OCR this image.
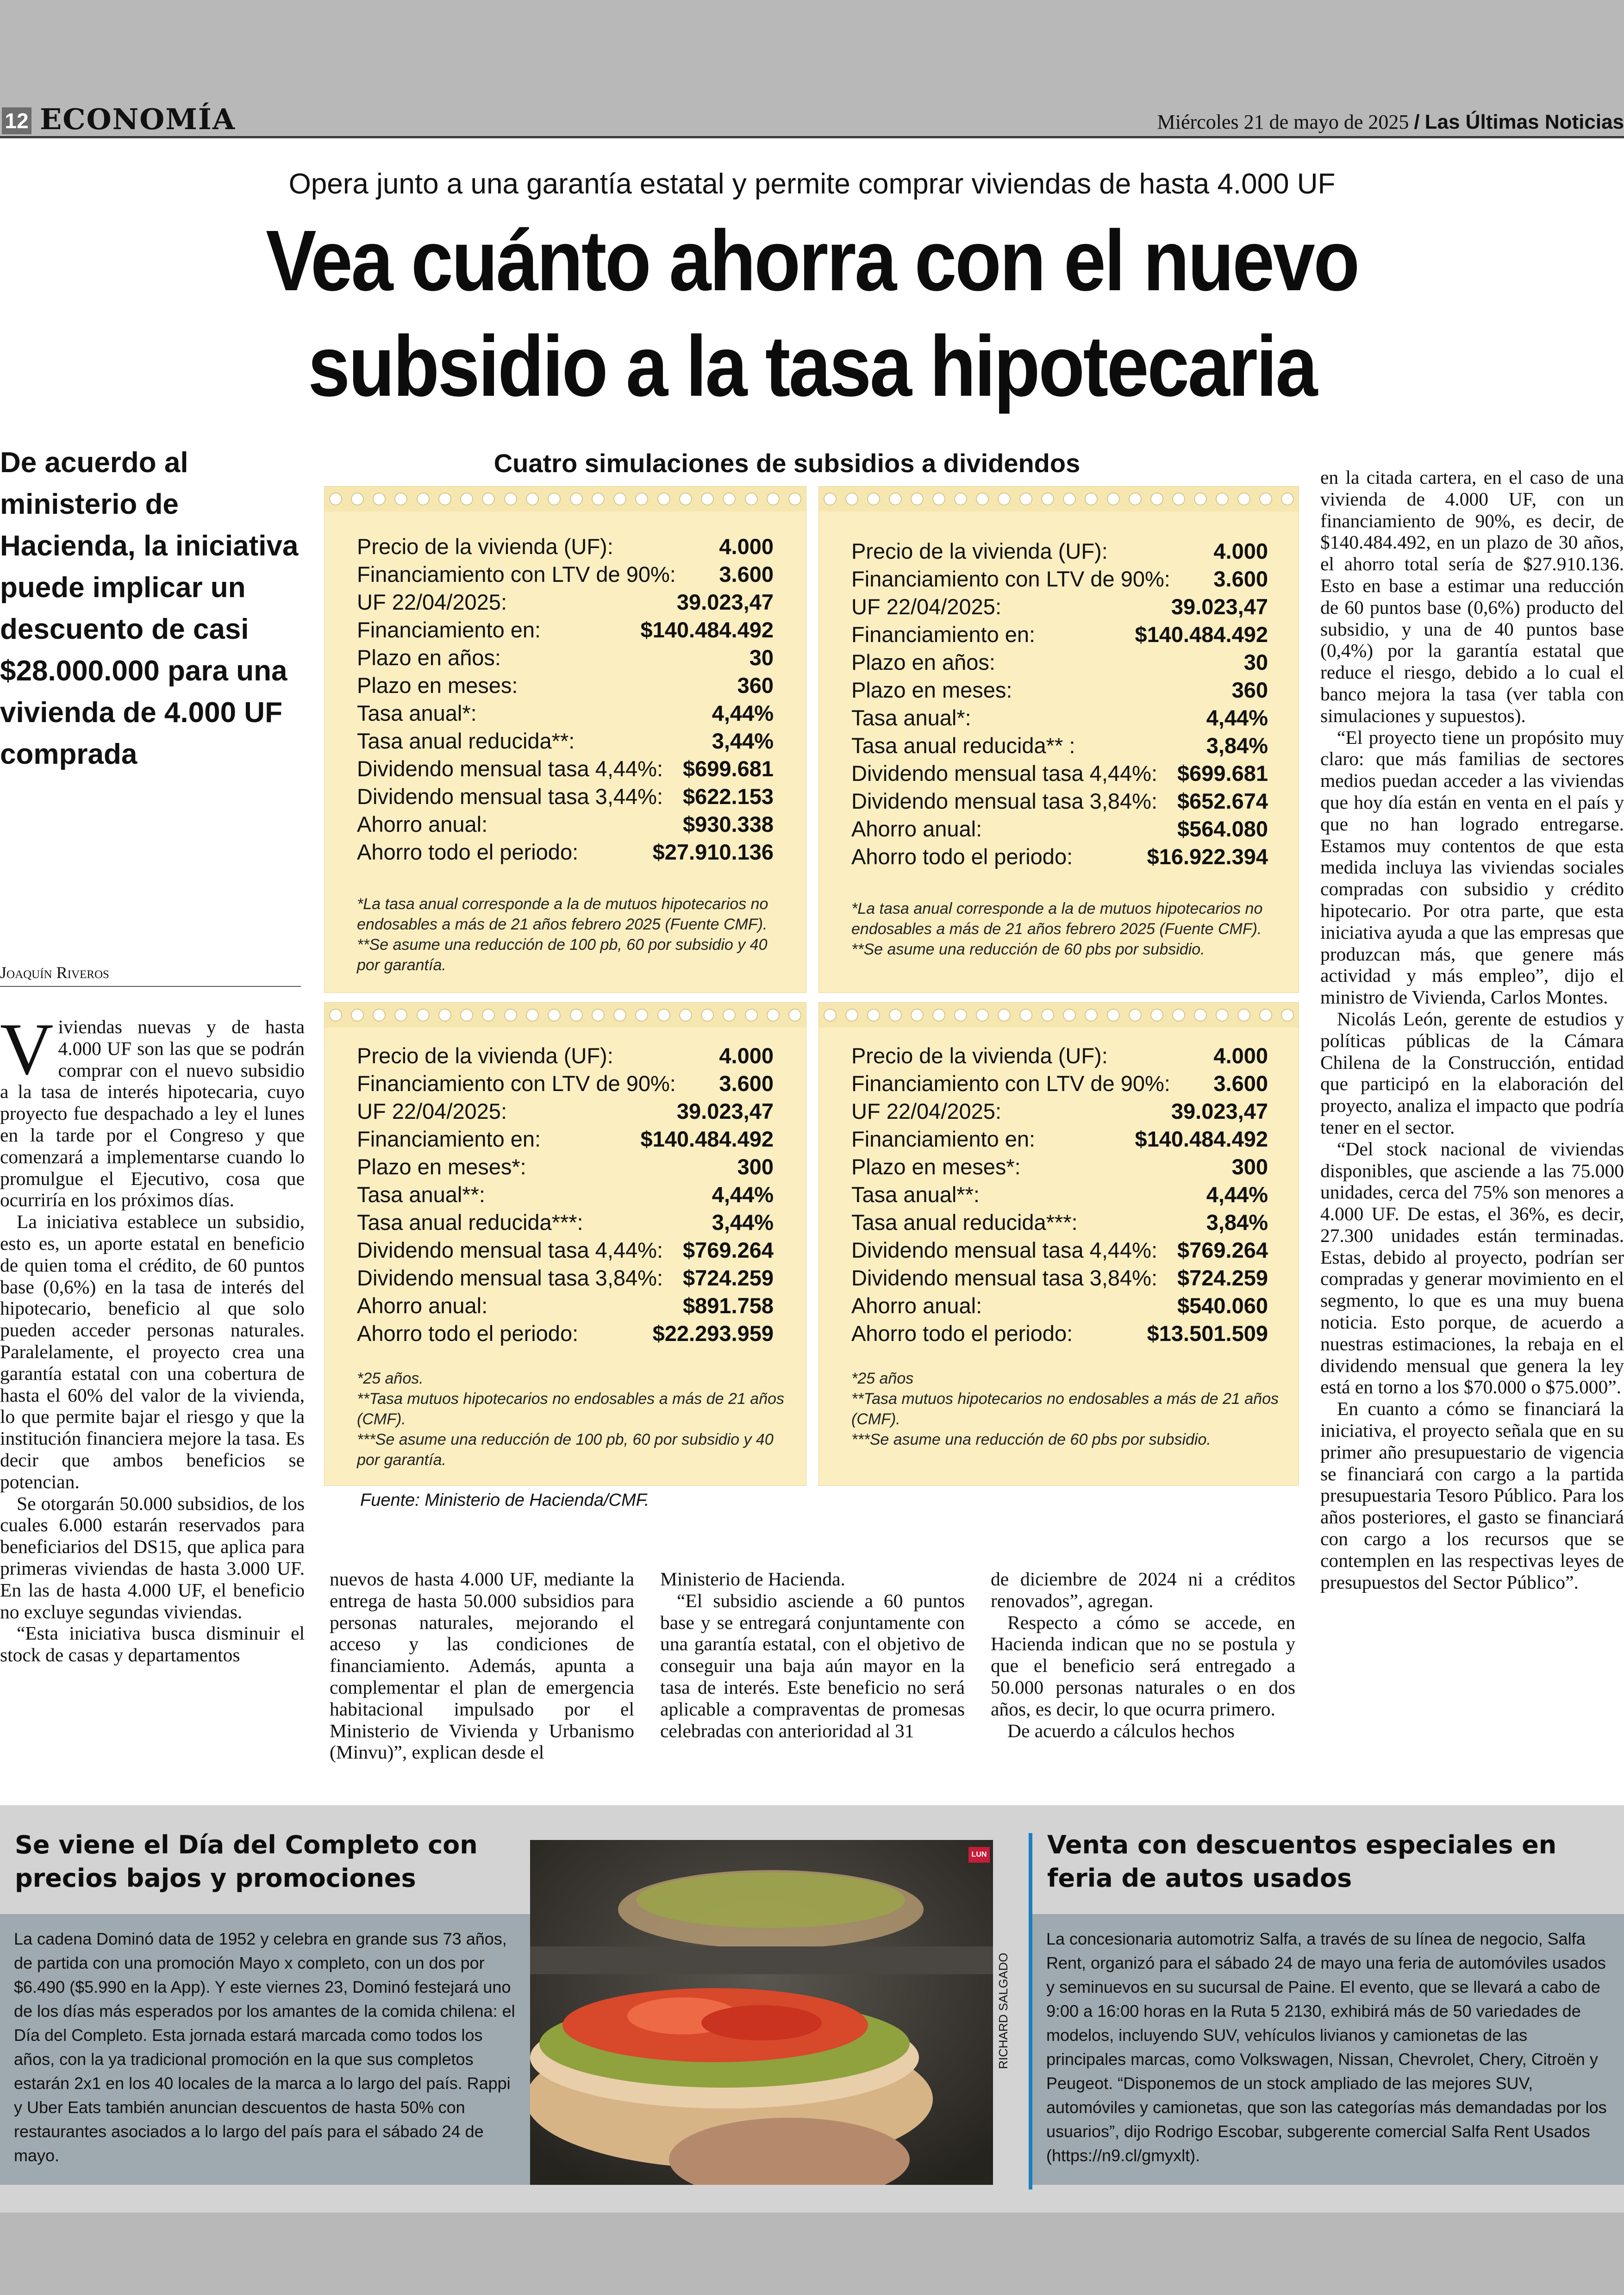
12 ECONOMÍA	Miércoles 21 de mayo de 2025 / Las Últimas Noticias
Opera junto a una garantía estatal y permite comprar viviendas de hasta 4.000 UF
Vea cuánto ahorra con el nuevo
subsidio a la tasa hipotecaria
De acuerdo al ministerio de Hacienda, la iniciativa puede implicar un descuento de casi $28.000.000 para una vivienda de 4.000 UF comprada
Joaquín Riveros

Viviendas nuevas y de hasta 4.000 UF son las que se podrán comprar con el nuevo subsidio a la tasa de interés hipotecaria, cuyo proyecto fue despachado a ley el lunes en la tarde por el Congreso y que comenzará a implementarse cuando lo promulgue el Ejecutivo, cosa que ocurriría en los próximos días.

La iniciativa establece un subsidio, esto es, un aporte estatal en beneficio de quien toma el crédito, de 60 puntos base (0,6%) en la tasa de interés del hipotecario, beneficio al que solo pueden acceder personas naturales. Paralelamente, el proyecto crea una garantía estatal con una cobertura de hasta el 60% del valor de la vivienda, lo que permite bajar el riesgo y que la institución financiera mejore la tasa. Es decir que ambos beneficios se potencian.

Se otorgarán 50.000 subsidios, de los cuales 6.000 estarán reservados para beneficiarios del DS15, que aplica para primeras viviendas de hasta 3.000 UF. En las de hasta 4.000 UF, el beneficio no excluye segundas viviendas.

“Esta iniciativa busca disminuir el stock de casas y departamentos

nuevos de hasta 4.000 UF, mediante la entrega de hasta 50.000 subsidios para personas naturales, mejorando el acceso y las condiciones de financiamiento. Además, apunta a complementar el plan de emergencia habitacional impulsado por el Ministerio de Vivienda y Urbanismo (Minvu)”, explican desde el

Ministerio de Hacienda.

“El subsidio asciende a 60 puntos base y se entregará conjuntamente con una garantía estatal, con el objetivo de conseguir una baja aún mayor en la tasa de interés. Este beneficio no será aplicable a compraventas de promesas celebradas con anterioridad al 31

de diciembre de 2024 ni a créditos renovados”, agregan.

Respecto a cómo se accede, en Hacienda indican que no se postula y que el beneficio será entregado a 50.000 personas naturales o en dos años, es decir, lo que ocurra primero.

De acuerdo a cálculos hechos

en la citada cartera, en el caso de una vivienda de 4.000 UF, con un financiamiento de 90%, es decir, de $140.484.492, en un plazo de 30 años, el ahorro total sería de $27.910.136. Esto en base a estimar una reducción de 60 puntos base (0,6%) producto del subsidio, y una de 40 puntos base (0,4%) por la garantía estatal que reduce el riesgo, debido a lo cual el banco mejora la tasa (ver tabla con simulaciones y supuestos).

“El proyecto tiene un propósito muy claro: que más familias de sectores medios puedan acceder a las viviendas que hoy día están en venta en el país y que no han logrado entregarse. Estamos muy contentos de que esta medida incluya las viviendas sociales compradas con subsidio y crédito hipotecario. Por otra parte, que esta iniciativa ayuda a que las empresas que produzcan más, que genere más actividad y más empleo”, dijo el ministro de Vivienda, Carlos Montes.

Nicolás León, gerente de estudios y políticas públicas de la Cámara Chilena de la Construcción, entidad que participó en la elaboración del proyecto, analiza el impacto que podría tener en el sector.

“Del stock nacional de viviendas disponibles, que asciende a las 75.000 unidades, cerca del 75% son menores a 4.000 UF. De estas, el 36%, es decir, 27.300 unidades están terminadas. Estas, debido al proyecto, podrían ser compradas y generar movimiento en el segmento, lo que es una muy buena noticia. Esto porque, de acuerdo a nuestras estimaciones, la rebaja en el dividendo mensual que genera la ley está en torno a los $70.000 o $75.000”.

En cuanto a cómo se financiará la iniciativa, el proyecto señala que en su primer año presupuestario de vigencia se financiará con cargo a la partida presupuestaria Tesoro Público. Para los años posteriores, el gasto se financiará con cargo a los recursos que se contemplen en las respectivas leyes de presupuestos del Sector Público”.

Cuatro simulaciones de subsidios a dividendos
Precio de la vivienda (UF):	4.000
Financiamiento con LTV de 90%: 3.600
UF 22/04/2025:	39.023,47
Financiamiento en:	$140.484.492
Plazo en años:	30
Plazo en meses:	360
Tasa anual*:	4,44%
Tasa anual reducida**:	3,44%
Dividendo mensual tasa 4,44%: $699.681
Dividendo mensual tasa 3,44%: $622.153
Ahorro anual:	$930.338
Ahorro todo el periodo:	$27.910.136
*La tasa anual corresponde a la de mutuos hipotecarios no endosables a más de 21 años febrero 2025 (Fuente CMF).
**Se asume una reducción de 100 pb, 60 por subsidio y 40 por garantía.
Precio de la vivienda (UF):	4.000
Financiamiento con LTV de 90%: 3.600
UF 22/04/2025:	39.023,47
Financiamiento en:	$140.484.492
Plazo en años:	30
Plazo en meses:	360
Tasa anual*:	4,44%
Tasa anual reducida** :	3,84%
Dividendo mensual tasa 4,44%: $699.681
Dividendo mensual tasa 3,84%: $652.674
Ahorro anual:	$564.080
Ahorro todo el periodo:	$16.922.394
*La tasa anual corresponde a la de mutuos hipotecarios no endosables a más de 21 años febrero 2025 (Fuente CMF).
**Se asume una reducción de 60 pbs por subsidio.
Precio de la vivienda (UF):	4.000
Financiamiento con LTV de 90%: 3.600
UF 22/04/2025:	39.023,47
Financiamiento en:	$140.484.492
Plazo en meses*:	300
Tasa anual**:	4,44%
Tasa anual reducida***:	3,44%
Dividendo mensual tasa 4,44%: $769.264
Dividendo mensual tasa 3,84%: $724.259
Ahorro anual:	$891.758
Ahorro todo el periodo:	$22.293.959
*25 años.
**Tasa mutuos hipotecarios no endosables a más de 21 años (CMF).
***Se asume una reducción de 100 pb, 60 por subsidio y 40 por garantía.
Precio de la vivienda (UF):	4.000
Financiamiento con LTV de 90%: 3.600
UF 22/04/2025:	39.023,47
Financiamiento en:	$140.484.492
Plazo en meses*:	300
Tasa anual**:	4,44%
Tasa anual reducida***:	3,84%
Dividendo mensual tasa 4,44%: $769.264
Dividendo mensual tasa 3,84%: $724.259
Ahorro anual:	$540.060
Ahorro todo el periodo:	$13.501.509
*25 años
**Tasa mutuos hipotecarios no endosables a más de 21 años (CMF).
***Se asume una reducción de 60 pbs por subsidio.
Fuente: Ministerio de Hacienda/CMF.
Se viene el Día del Completo con precios bajos y promociones
La cadena Dominó data de 1952 y celebra en grande sus 73 años, de partida con una promoción Mayo x completo, con un dos por $6.490 ($5.990 en la App). Y este viernes 23, Dominó festejará uno de los días más esperados por los amantes de la comida chilena: el Día del Completo. Esta jornada estará marcada como todos los años, con la ya tradicional promoción en la que sus completos estarán 2x1 en los 40 locales de la marca a lo largo del país. Rappi y Uber Eats también anuncian descuentos de hasta 50% con restaurantes asociados a lo largo del país para el sábado 24 de mayo.
LUN
RICHARD SALGADO
Venta con descuentos especiales en feria de autos usados
La concesionaria automotriz Salfa, a través de su línea de negocio, Salfa Rent, organizó para el sábado 24 de mayo una feria de automóviles usados y seminuevos en su sucursal de Paine. El evento, que se llevará a cabo de 9:00 a 16:00 horas en la Ruta 5 2130, exhibirá más de 50 variedades de modelos, incluyendo SUV, vehículos livianos y camionetas de las principales marcas, como Volkswagen, Nissan, Chevrolet, Chery, Citroën y Peugeot. “Disponemos de un stock ampliado de las mejores SUV, automóviles y camionetas, que son las categorías más demandadas por los usuarios”, dijo Rodrigo Escobar, subgerente comercial Salfa Rent Usados (https://n9.cl/gmyxlt).
